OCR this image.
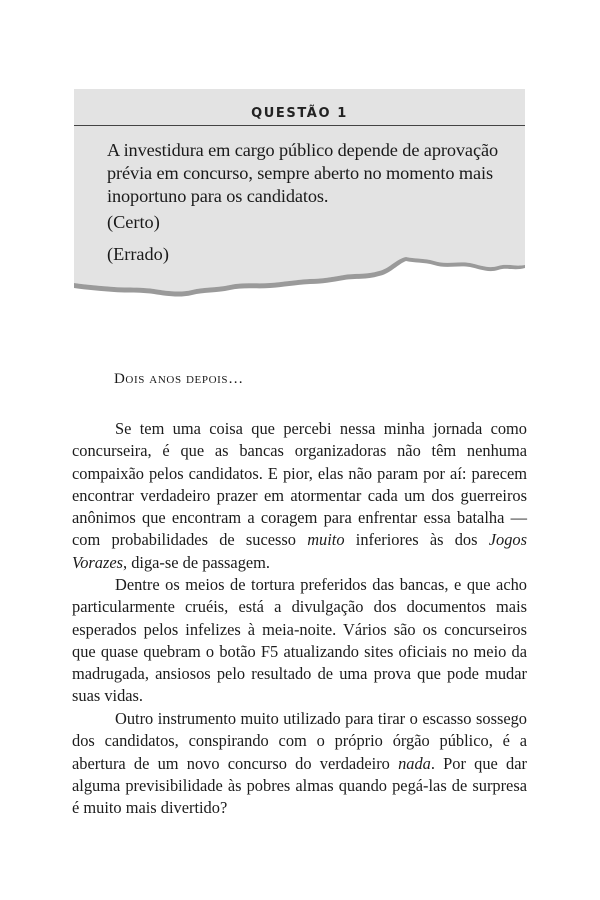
QUESTÃO 1
A investidura em cargo público depende de aprovação prévia em concurso, sempre aberto no momento mais inoportuno para os candidatos.
(Certo)
(Errado)
Dois anos depois…

Se tem uma coisa que percebi nessa minha jornada como concurseira, é que as bancas organizadoras não têm nenhuma compaixão pelos candidatos. E pior, elas não param por aí: parecem encontrar verdadeiro prazer em atormentar cada um dos guerreiros anônimos que encontram a coragem para enfrentar essa batalha — com probabilidades de sucesso muito inferiores às dos Jogos Vorazes, diga-se de passagem.

Dentre os meios de tortura preferidos das bancas, e que acho particularmente cruéis, está a divulgação dos documentos mais esperados pelos infelizes à meia-noite. Vários são os concurseiros que quase quebram o botão F5 atualizando sites oficiais no meio da madrugada, ansiosos pelo resultado de uma prova que pode mudar suas vidas.

Outro instrumento muito utilizado para tirar o escasso sossego dos candidatos, conspirando com o próprio órgão público, é a abertura de um novo concurso do verdadeiro nada. Por que dar alguma previsibilidade às pobres almas quando pegá-las de surpresa é muito mais divertido?
